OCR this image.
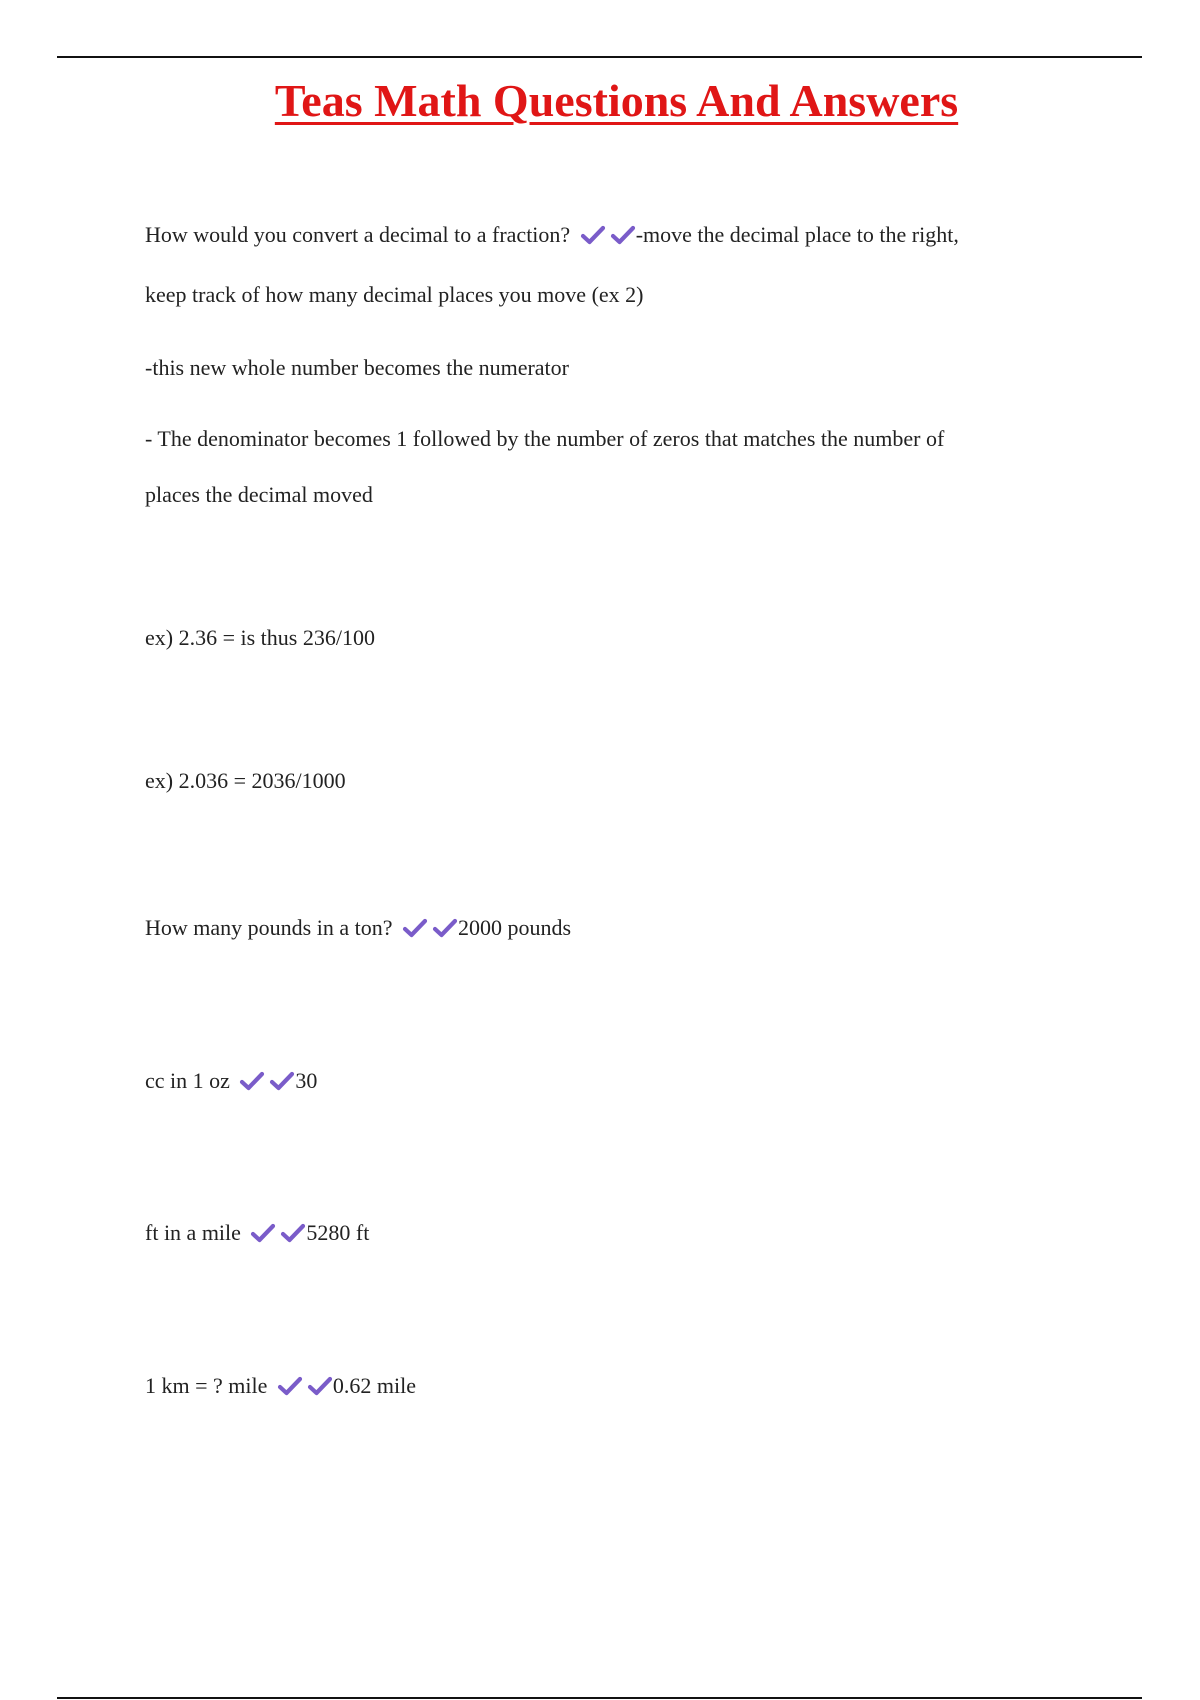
Teas Math Questions And Answers

How would you convert a decimal to a fraction?	-move the decimal place to the right,

keep track of how many decimal places you move (ex 2)

-this new whole number becomes the numerator

- The denominator becomes 1 followed by the number of zeros that matches the number of

places the decimal moved

ex) 2.36 = is thus 236/100

ex) 2.036 = 2036/1000

How many pounds in a ton?	2000 pounds

cc in 1 oz	30

ft in a mile	5280 ft

1 km = ? mile	0.62 mile
